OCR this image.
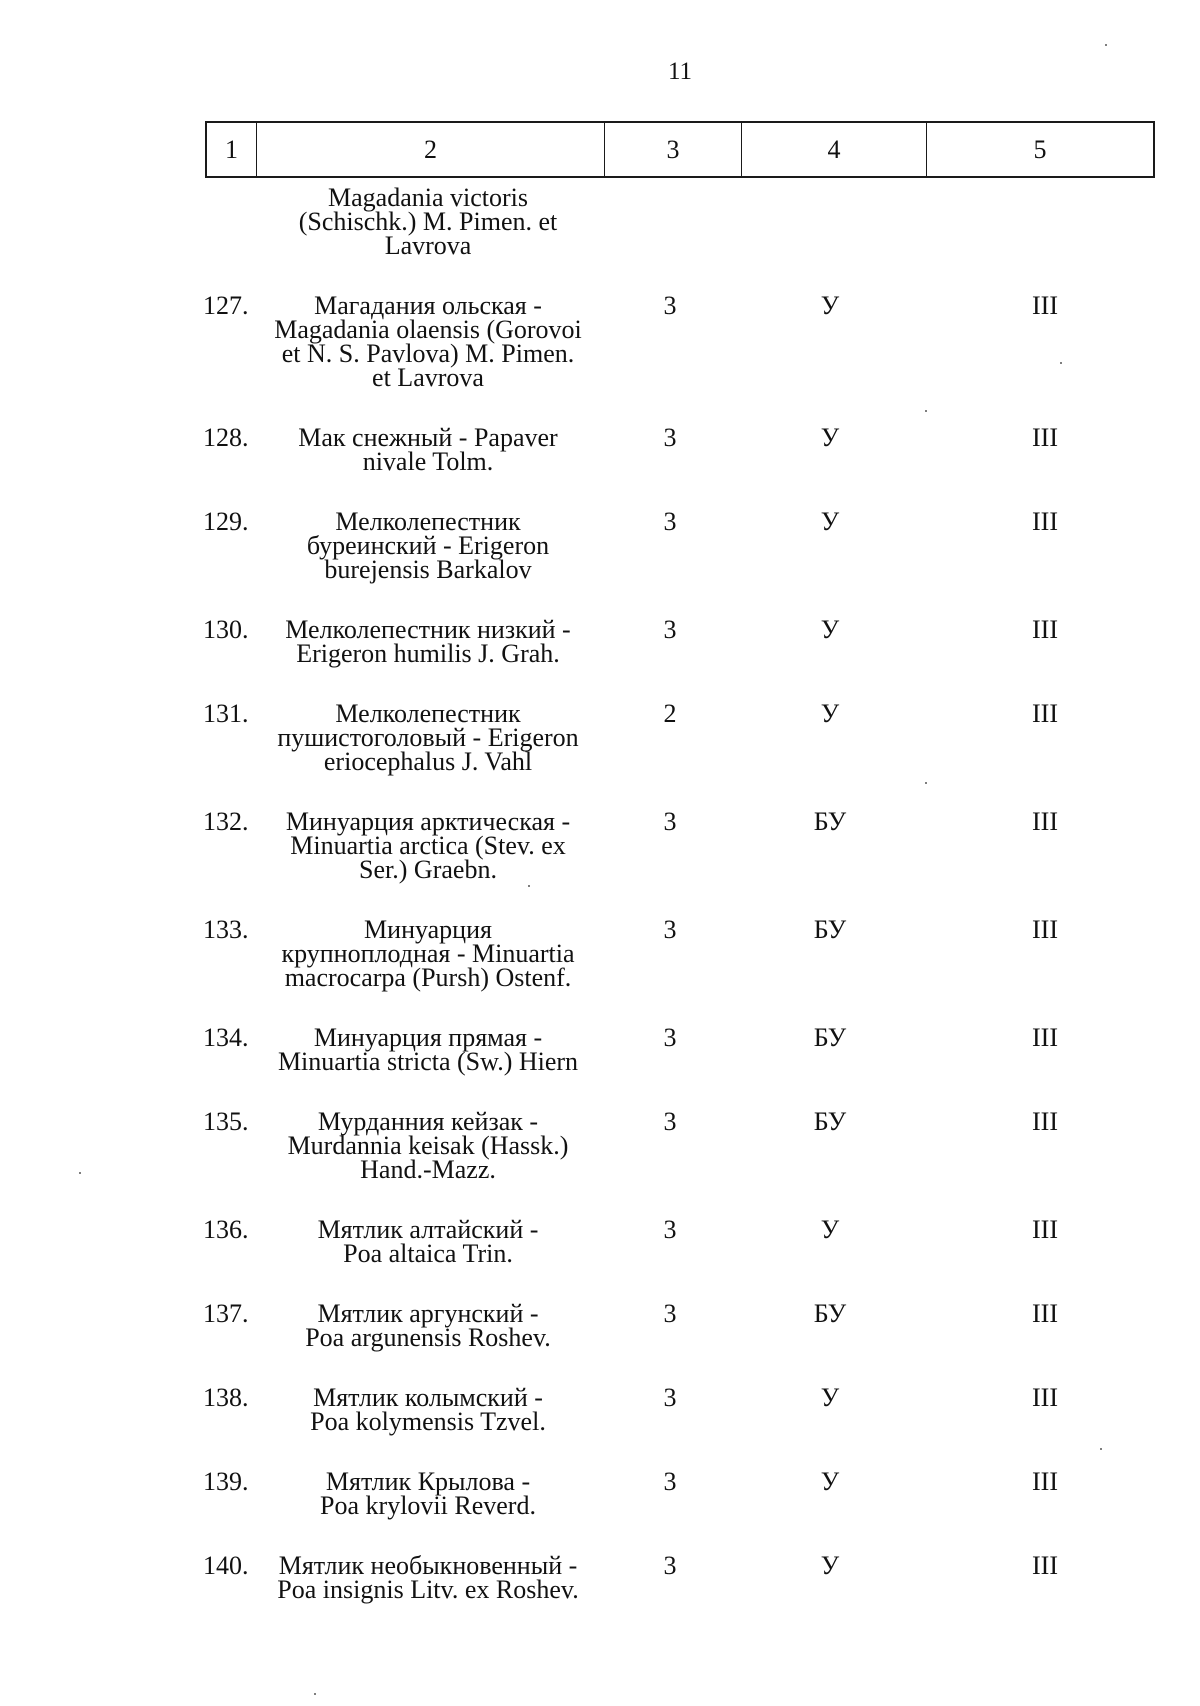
11
1	2	3	4	5
Magadania victoris
(Schischk.) M. Pimen. et
Lavrova
127.	Магадания ольская -
Magadania olaensis (Gorovoi
et N. S. Pavlova) M. Pimen.
et Lavrova
3	У	III
128.	Мак снежный - Papaver
nivale Tolm.
3	У	III
129.	Мелколепестник
буреинский - Erigeron
burejensis Barkalov
3	У	III
130.	Мелколепестник низкий -
Erigeron humilis J. Grah.
3	У	III
131.	Мелколепестник
пушистоголовый - Erigeron
eriocephalus J. Vahl
2	У	III
132.	Минуарция арктическая -
Minuartia arctica (Stev. ex
Ser.) Graebn.
3	БУ	III
133.	Минуарция
крупноплодная - Minuartia
macrocarpa (Pursh) Ostenf.
3	БУ	III
134.	Минуарция прямая -
Minuartia stricta (Sw.) Hiern
3	БУ	III
135.	Мурданния кейзак -
Murdannia keisak (Hassk.)
Hand.-Mazz.
3	БУ	III
136.	Мятлик алтайский -
Poa altaica Trin.
3	У	III
137.	Мятлик аргунский -
Poa argunensis Roshev.
3	БУ	III
138.	Мятлик колымский -
Poa kolymensis Tzvel.
3	У	III
139.	Мятлик Крылова -
Poa krylovii Reverd.
3	У	III
140.	Мятлик необыкновенный -
Poa insignis Litv. ex Roshev.
3	У	III
